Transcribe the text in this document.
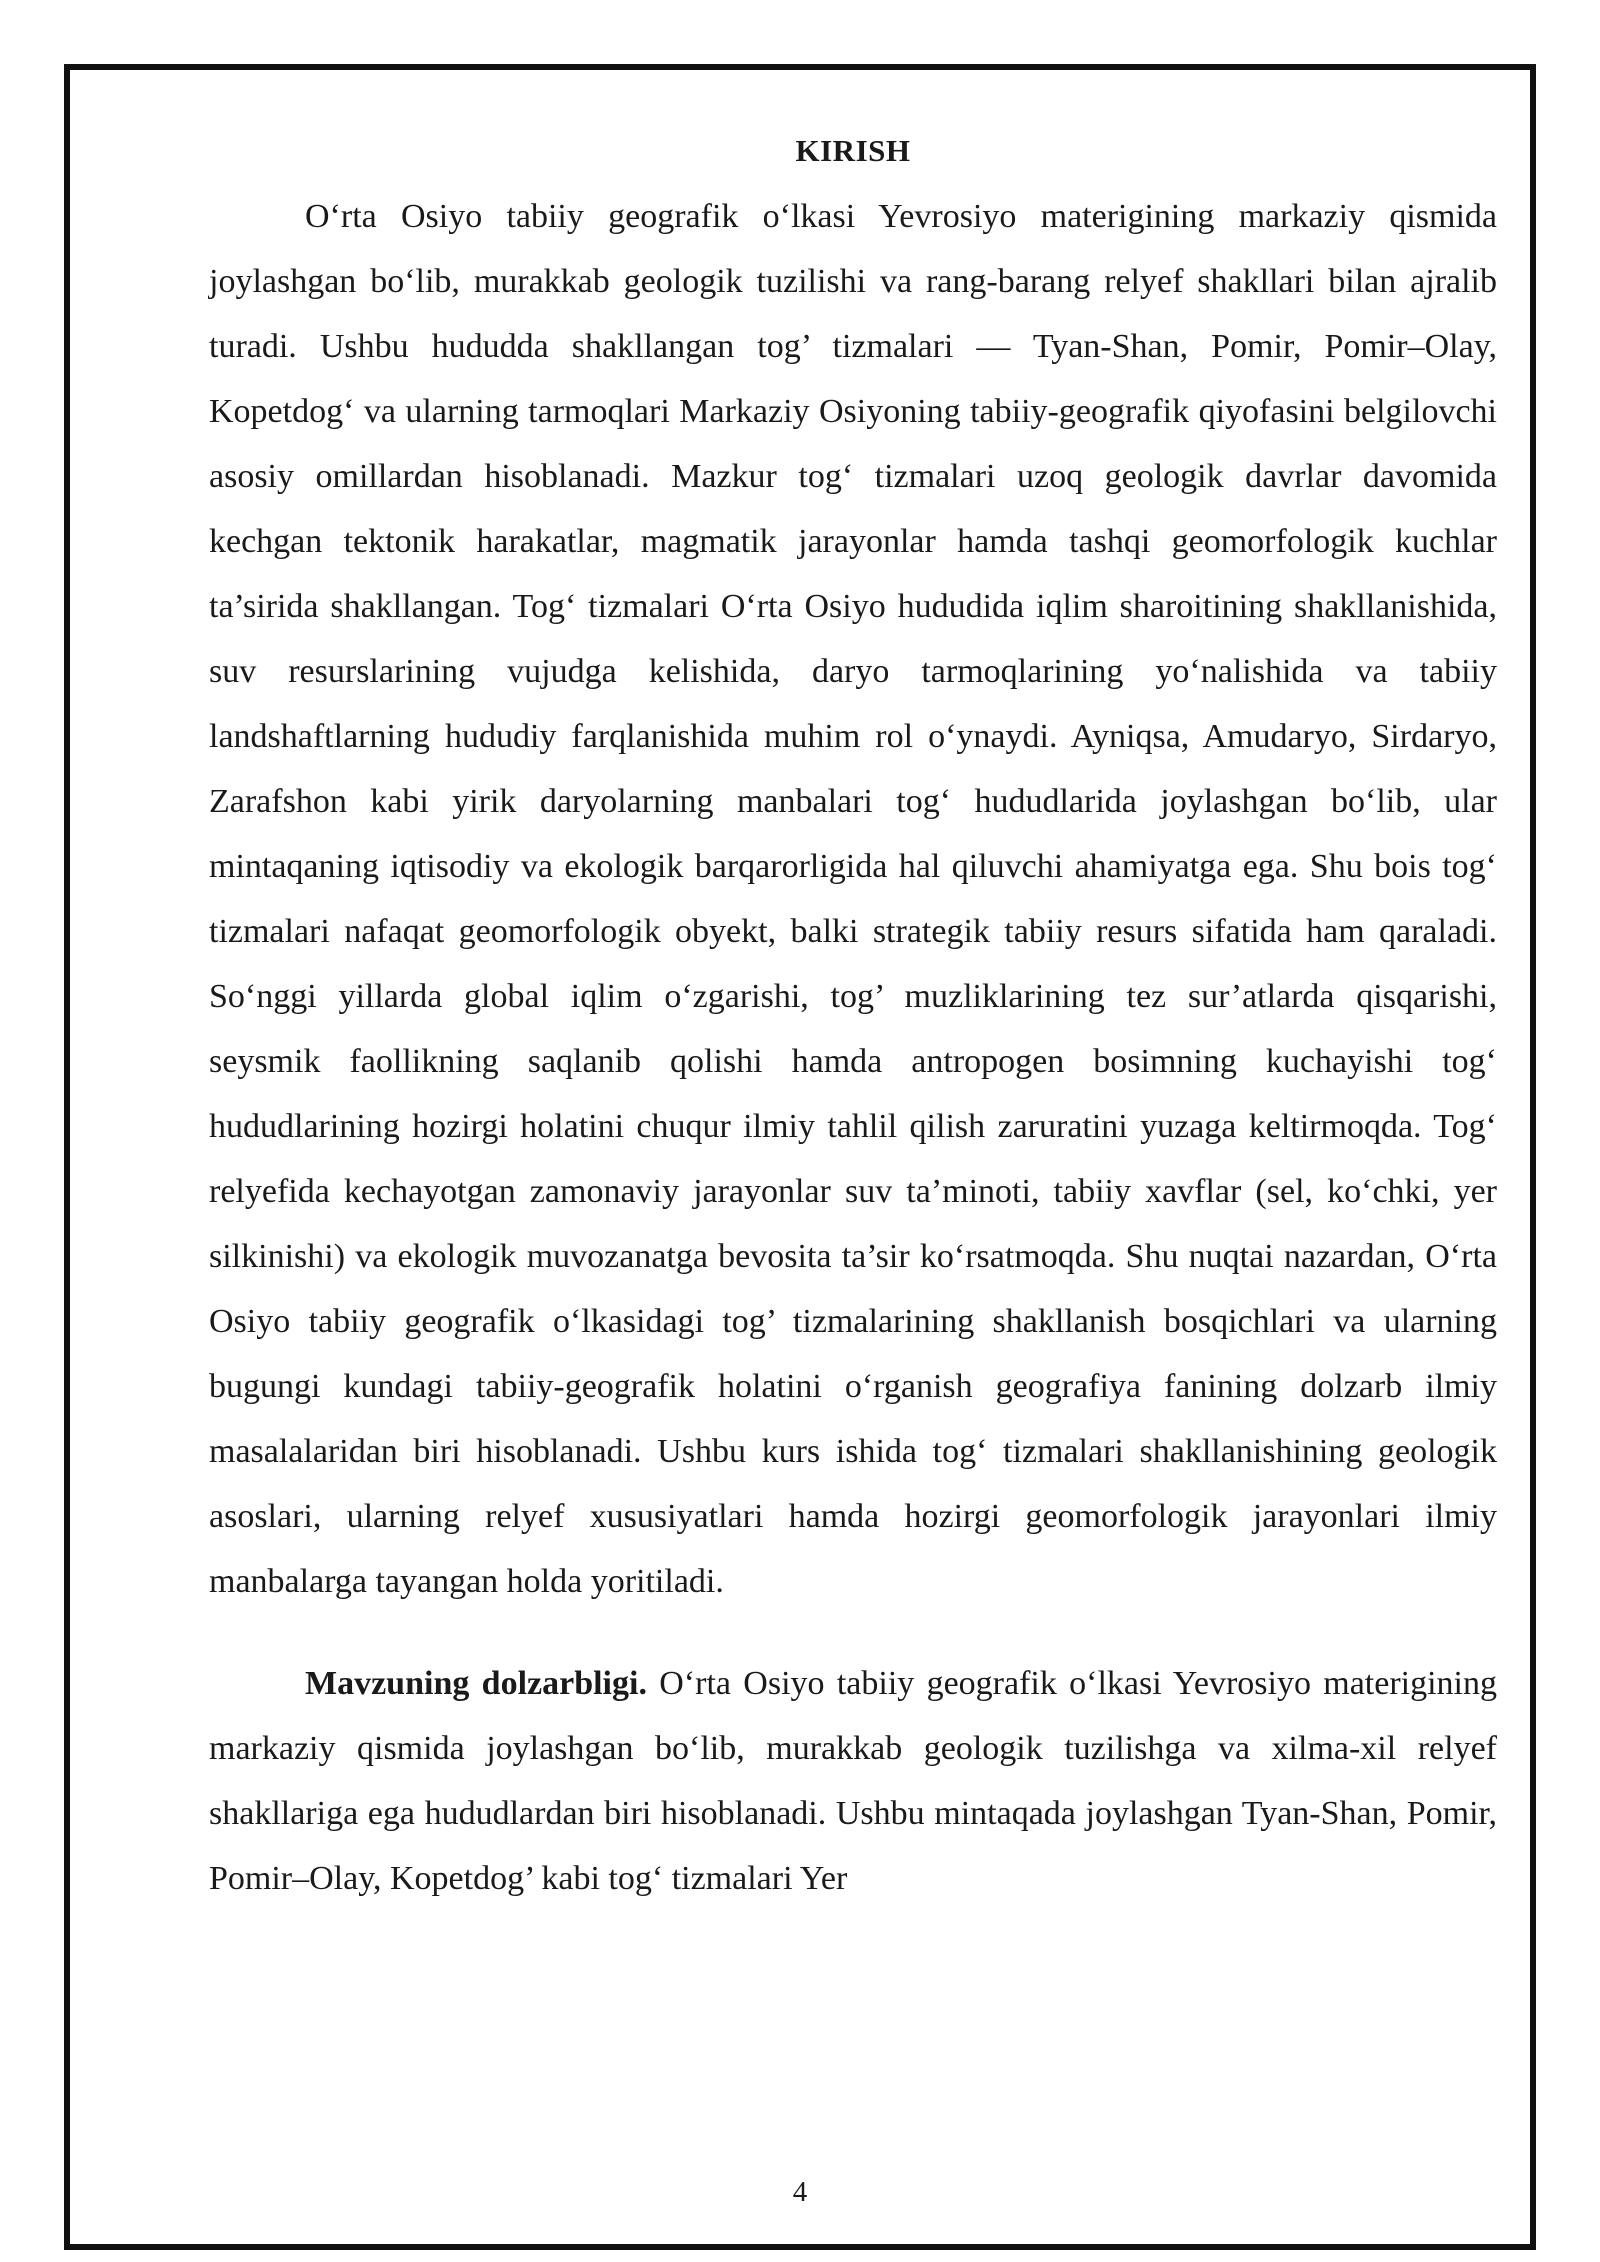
KIRISH

O‘rta Osiyo tabiiy geografik o‘lkasi Yevrosiyo materigining markaziy qismida joylashgan bo‘lib, murakkab geologik tuzilishi va rang-barang relyef shakllari bilan ajralib turadi. Ushbu hududda shakllangan tog’ tizmalari — Tyan-Shan, Pomir, Pomir–Olay, Kopetdog‘ va ularning tarmoqlari Markaziy Osiyoning tabiiy-geografik qiyofasini belgilovchi asosiy omillardan hisoblanadi. Mazkur tog‘ tizmalari uzoq geologik davrlar davomida kechgan tektonik harakatlar, magmatik jarayonlar hamda tashqi geomorfologik kuchlar ta’sirida shakllangan. Tog‘ tizmalari O‘rta Osiyo hududida iqlim sharoitining shakllanishida, suv resurslarining vujudga kelishida, daryo tarmoqlarining yo‘nalishida va tabiiy landshaftlarning hududiy farqlanishida muhim rol o‘ynaydi. Ayniqsa, Amudaryo, Sirdaryo, Zarafshon kabi yirik daryolarning manbalari tog‘ hududlarida joylashgan bo‘lib, ular mintaqaning iqtisodiy va ekologik barqarorligida hal qiluvchi ahamiyatga ega. Shu bois tog‘ tizmalari nafaqat geomorfologik obyekt, balki strategik tabiiy resurs sifatida ham qaraladi. So‘nggi yillarda global iqlim o‘zgarishi, tog’ muzliklarining tez sur’atlarda qisqarishi, seysmik faollikning saqlanib qolishi hamda antropogen bosimning kuchayishi tog‘ hududlarining hozirgi holatini chuqur ilmiy tahlil qilish zaruratini yuzaga keltirmoqda. Tog‘ relyefida kechayotgan zamonaviy jarayonlar suv ta’minoti, tabiiy xavflar (sel, ko‘chki, yer silkinishi) va ekologik muvozanatga bevosita ta’sir ko‘rsatmoqda. Shu nuqtai nazardan, O‘rta Osiyo tabiiy geografik o‘lkasidagi tog’ tizmalarining shakllanish bosqichlari va ularning bugungi kundagi tabiiy-geografik holatini o‘rganish geografiya fanining dolzarb ilmiy masalalaridan biri hisoblanadi. Ushbu kurs ishida tog‘ tizmalari shakllanishining geologik asoslari, ularning relyef xususiyatlari hamda hozirgi geomorfologik jarayonlari ilmiy manbalarga tayangan holda yoritiladi.

Mavzuning dolzarbligi. O‘rta Osiyo tabiiy geografik o‘lkasi Yevrosiyo materigining markaziy qismida joylashgan bo‘lib, murakkab geologik tuzilishga va xilma-xil relyef shakllariga ega hududlardan biri hisoblanadi. Ushbu mintaqada joylashgan Tyan-Shan, Pomir, Pomir–Olay, Kopetdog’ kabi tog‘ tizmalari Yer

4
